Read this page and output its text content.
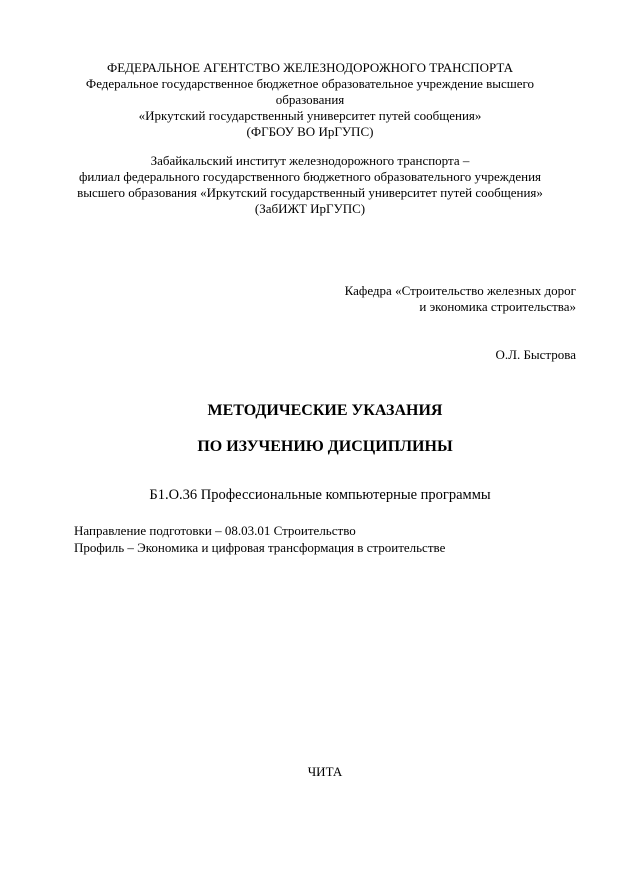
ФЕДЕРАЛЬНОЕ АГЕНТСТВО ЖЕЛЕЗНОДОРОЖНОГО ТРАНСПОРТА
Федеральное государственное бюджетное образовательное учреждение высшего
образования
«Иркутский государственный университет путей сообщения»
(ФГБОУ ВО ИрГУПС)
Забайкальский институт железнодорожного транспорта –
филиал федерального государственного бюджетного образовательного учреждения
высшего образования «Иркутский государственный университет путей сообщения»
(ЗабИЖТ ИрГУПС)
Кафедра «Строительство железных дорог
и экономика строительства»
О.Л. Быстрова
МЕТОДИЧЕСКИЕ УКАЗАНИЯ
ПО ИЗУЧЕНИЮ ДИСЦИПЛИНЫ
Б1.О.36 Профессиональные компьютерные программы
Направление подготовки – 08.03.01 Строительство
Профиль – Экономика и цифровая трансформация в строительстве
ЧИТА
